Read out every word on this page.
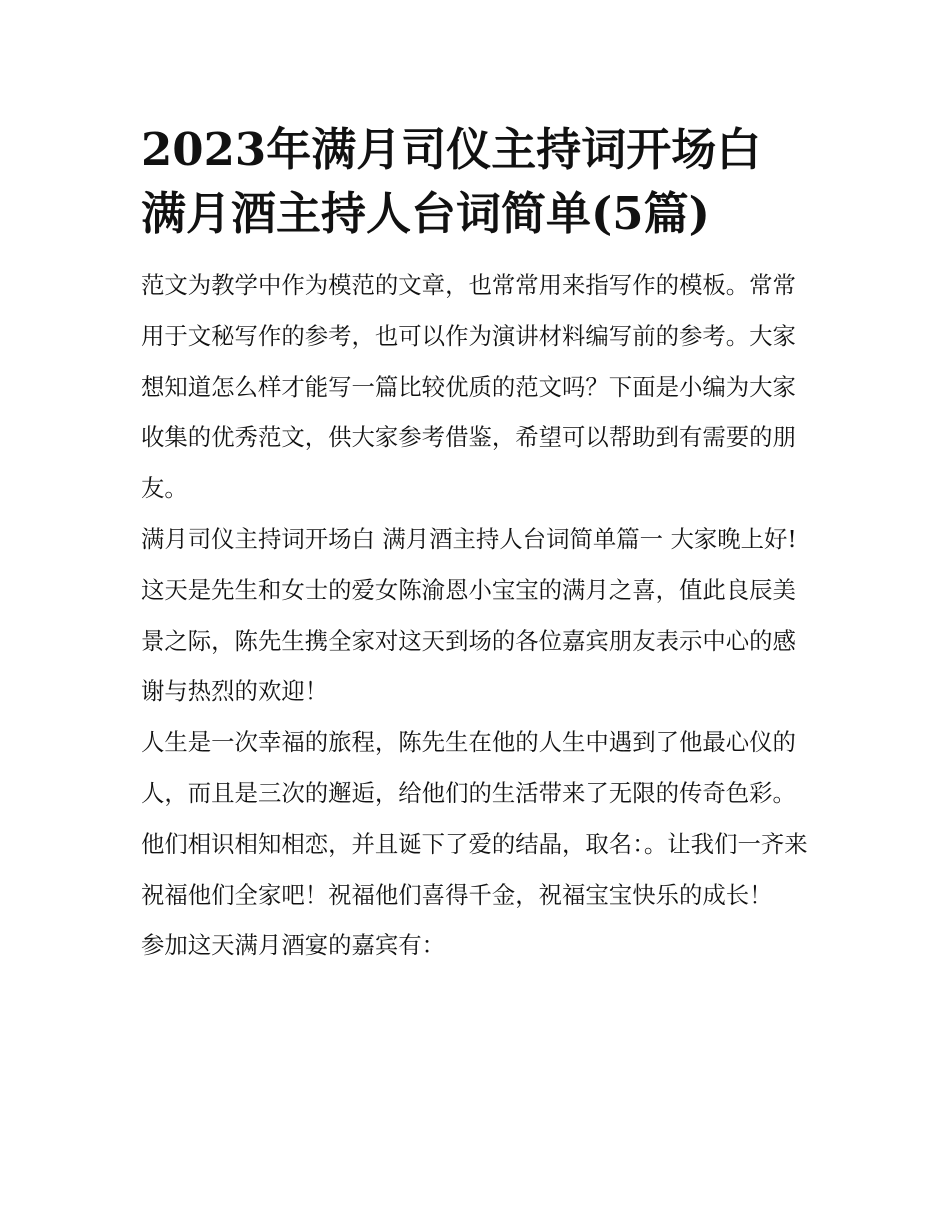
2023年满月司仪主持词开场白 满月酒主持人台词简单(5篇)

范文为教学中作为模范的文章，也常常用来指写作的模板。常常用于文秘写作的参考，也可以作为演讲材料编写前的参考。大家想知道怎么样才能写一篇比较优质的范文吗？下面是小编为大家收集的优秀范文，供大家参考借鉴，希望可以帮助到有需要的朋友。

满月司仪主持词开场白 满月酒主持人台词简单篇一 大家晚上好!

这天是先生和女士的爱女陈渝恩小宝宝的满月之喜，值此良辰美景之际，陈先生携全家对这天到场的各位嘉宾朋友表示中心的感谢与热烈的欢迎！

人生是一次幸福的旅程，陈先生在他的人生中遇到了他最心仪的人，而且是三次的邂逅，给他们的生活带来了无限的传奇色彩。他们相识相知相恋，并且诞下了爱的结晶，取名：。让我们一齐来祝福他们全家吧！祝福他们喜得千金，祝福宝宝快乐的成长！

参加这天满月酒宴的嘉宾有：
